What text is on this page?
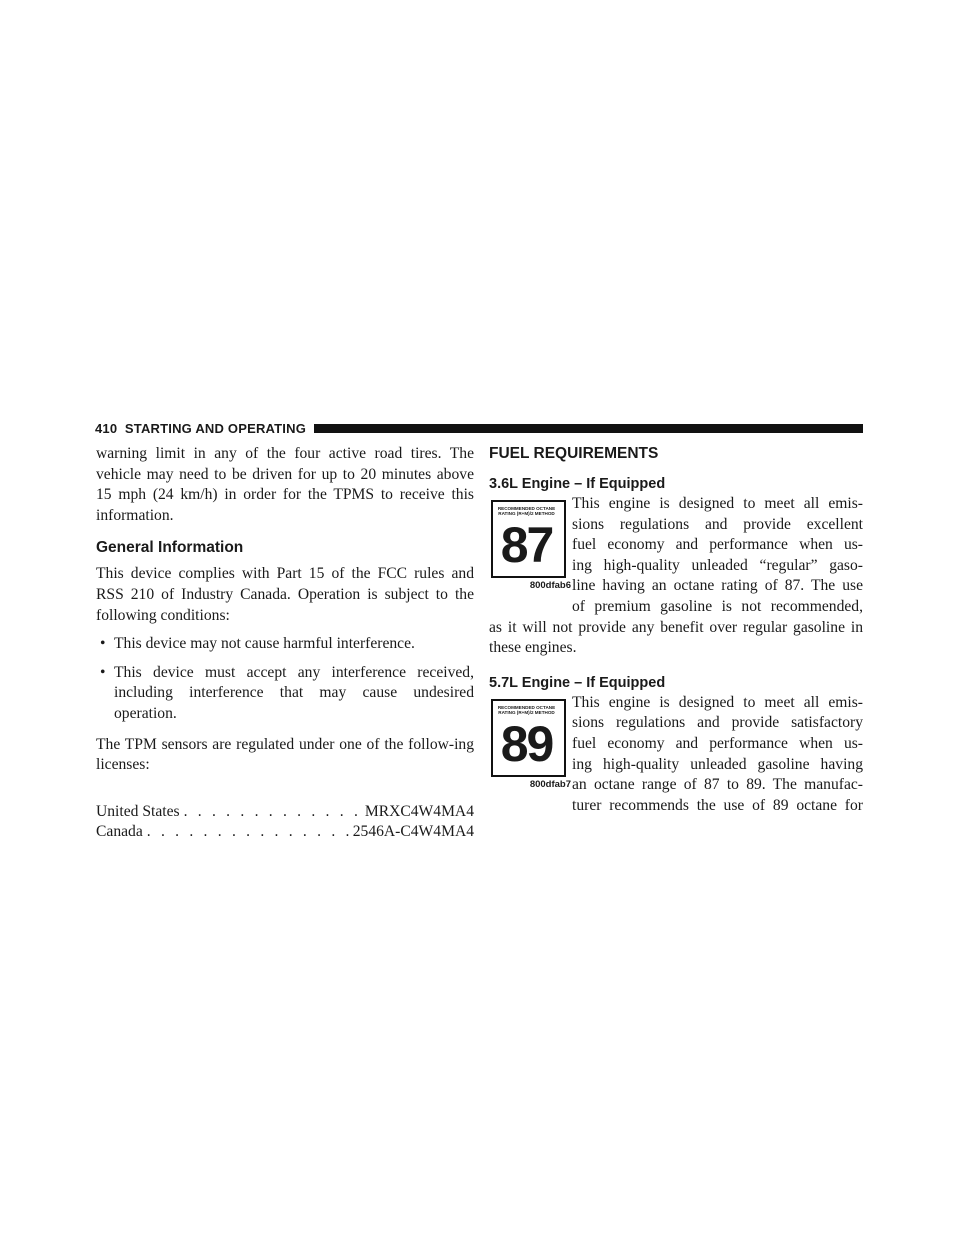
410 STARTING AND OPERATING

warning limit in any of the four active road tires. The vehicle may need to be driven for up to 20 minutes above 15 mph (24 km/h) in order for the TPMS to receive this information.

General Information

This device complies with Part 15 of the FCC rules and RSS 210 of Industry Canada. Operation is subject to the following conditions:

• This device may not cause harmful interference.
• This device must accept any interference received, including interference that may cause undesired operation.

The TPM sensors are regulated under one of the follow-ing licenses:

United States . . .	MRXC4W4MA4
Canada . . .	2546A-C4W4MA4
FUEL REQUIREMENTS
3.6L Engine – If Equipped
RECOMMENDED OCTANE RATING (R+M)/2 METHOD
87
800dfab6

This engine is designed to meet all emis-

sions regulations and provide excellent

fuel economy and performance when us-

ing high-quality unleaded “regular” gaso-

line having an octane rating of 87. The use

of premium gasoline is not recommended,

as it will not provide any benefit over regular gasoline in these engines.

5.7L Engine – If Equipped
RECOMMENDED OCTANE RATING (R+M)/2 METHOD
89
800dfab7

This engine is designed to meet all emis-

sions regulations and provide satisfactory

fuel economy and performance when us-

ing high-quality unleaded gasoline having

an octane range of 87 to 89. The manufac-

turer recommends the use of 89 octane for
